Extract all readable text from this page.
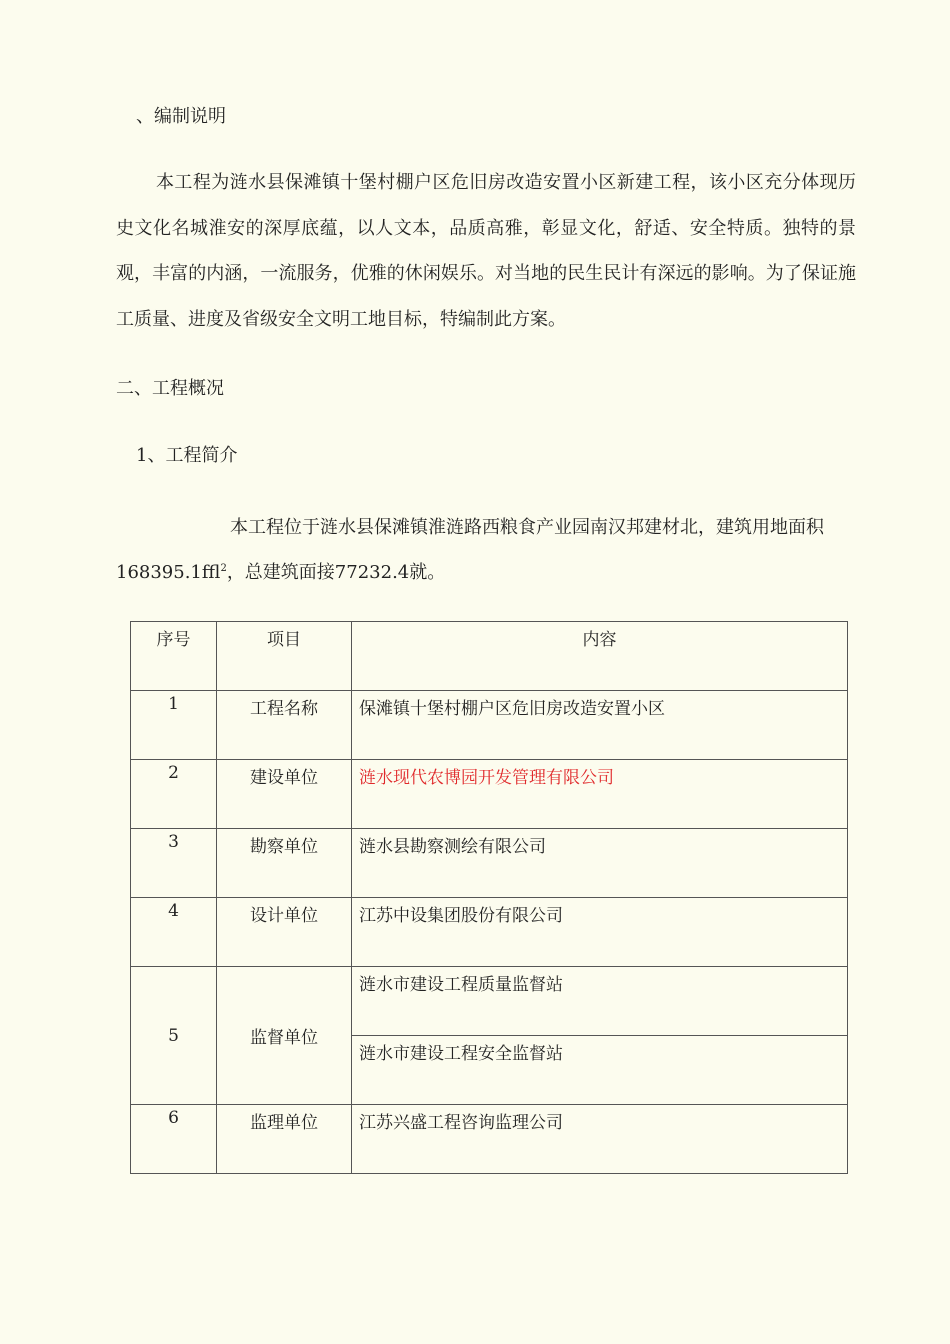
、编制说明
本工程为涟水县保滩镇十堡村棚户区危旧房改造安置小区新建工程，该小区充分体现历史文化名城淮安的深厚底蕴，以人文本，品质高雅，彰显文化，舒适、安全特质。独特的景观，丰富的内涵，一流服务，优雅的休闲娱乐。对当地的民生民计有深远的影响。为了保证施工质量、进度及省级安全文明工地目标，特编制此方案。
二、工程概况
1、工程简介
本工程位于涟水县保滩镇淮涟路西粮食产业园南汉邦建材北，建筑用地面积168395.1ffl$^2$，总建筑面接77232.4就。
序号	项目	内容
1	工程名称	保滩镇十堡村棚户区危旧房改造安置小区
2	建设单位	涟水现代农博园开发管理有限公司
3	勘察单位	涟水县勘察测绘有限公司
4	设计单位	江苏中设集团股份有限公司
5	监督单位	涟水市建设工程质量监督站
		涟水市建设工程安全监督站
6	监理单位	江苏兴盛工程咨询监理公司
